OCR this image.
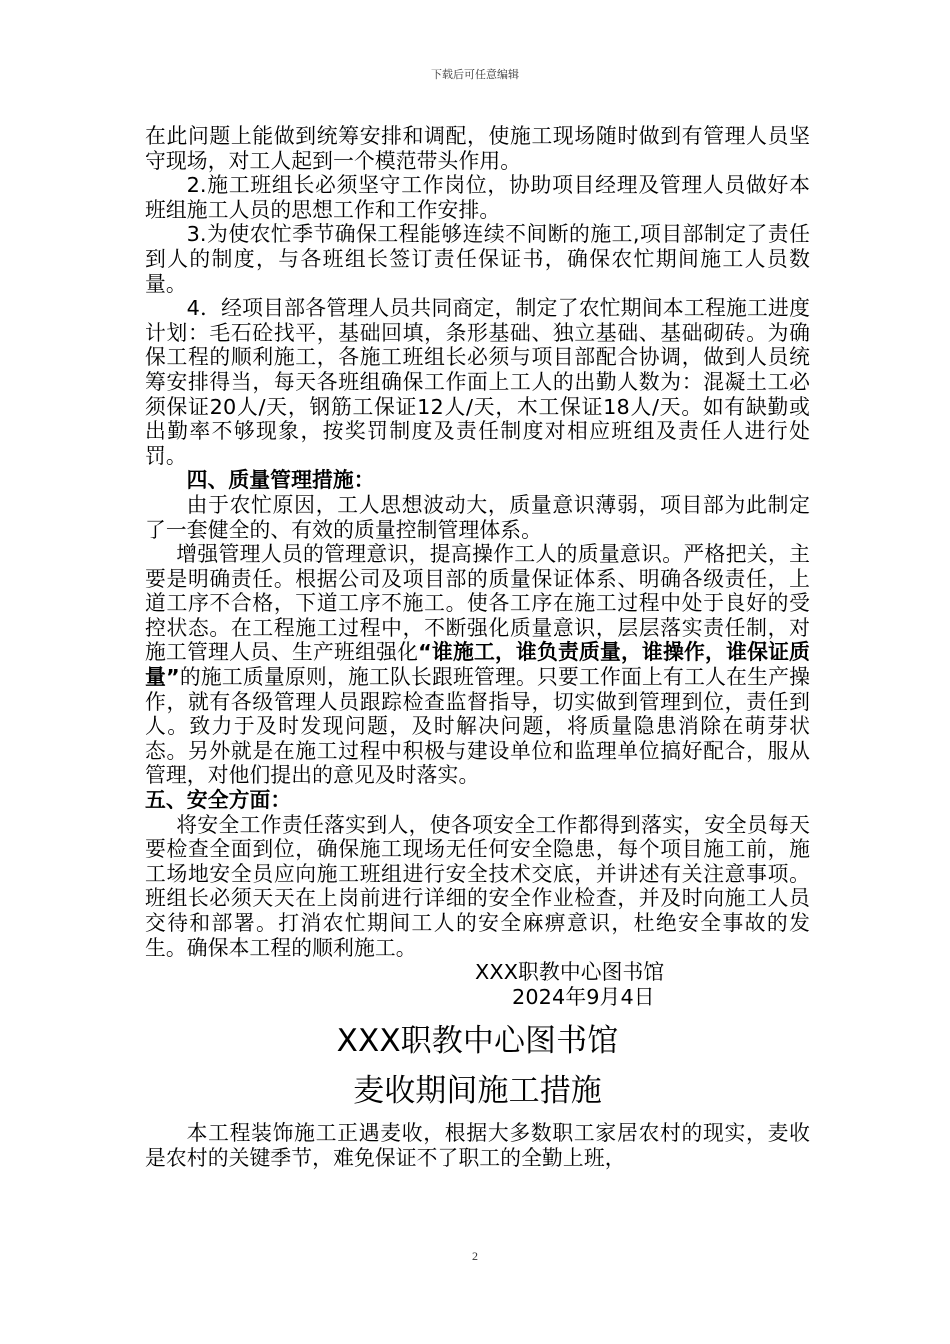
下载后可任意编辑

在此问题上能做到统筹安排和调配，使施工现场随时做到有管理人员坚守现场，对工人起到一个模范带头作用。

2.施工班组长必须坚守工作岗位，协助项目经理及管理人员做好本班组施工人员的思想工作和工作安排。

3.为使农忙季节确保工程能够连续不间断的施工,项目部制定了责任到人的制度，与各班组长签订责任保证书，确保农忙期间施工人员数量。

4．经项目部各管理人员共同商定，制定了农忙期间本工程施工进度计划：毛石砼找平，基础回填，条形基础、独立基础、基础砌砖。为确保工程的顺利施工，各施工班组长必须与项目部配合协调，做到人员统筹安排得当，每天各班组确保工作面上工人的出勤人数为：混凝土工必须保证20人/天，钢筋工保证12人/天，木工保证18人/天。如有缺勤或出勤率不够现象，按奖罚制度及责任制度对相应班组及责任人进行处罚。

四、质量管理措施：

由于农忙原因，工人思想波动大，质量意识薄弱，项目部为此制定了一套健全的、有效的质量控制管理体系。

增强管理人员的管理意识，提高操作工人的质量意识。严格把关，主要是明确责任。根据公司及项目部的质量保证体系、明确各级责任，上道工序不合格，下道工序不施工。使各工序在施工过程中处于良好的受控状态。在工程施工过程中，不断强化质量意识，层层落实责任制，对施工管理人员、生产班组强化“谁施工，谁负责质量，谁操作，谁保证质量”的施工质量原则，施工队长跟班管理。只要工作面上有工人在生产操作，就有各级管理人员跟踪检查监督指导，切实做到管理到位，责任到人。致力于及时发现问题，及时解决问题，将质量隐患消除在萌芽状态。另外就是在施工过程中积极与建设单位和监理单位搞好配合，服从管理，对他们提出的意见及时落实。

五、安全方面：

将安全工作责任落实到人，使各项安全工作都得到落实，安全员每天要检查全面到位，确保施工现场无任何安全隐患，每个项目施工前，施工场地安全员应向施工班组进行安全技术交底，并讲述有关注意事项。班组长必须天天在上岗前进行详细的安全作业检查，并及时向施工人员交待和部署。打消农忙期间工人的安全麻痹意识，杜绝安全事故的发生。确保本工程的顺利施工。

XXX职教中心图书馆

2024年9月4日

XXX职教中心图书馆

麦收期间施工措施

本工程装饰施工正遇麦收，根据大多数职工家居农村的现实，麦收是农村的关键季节，难免保证不了职工的全勤上班，

2
